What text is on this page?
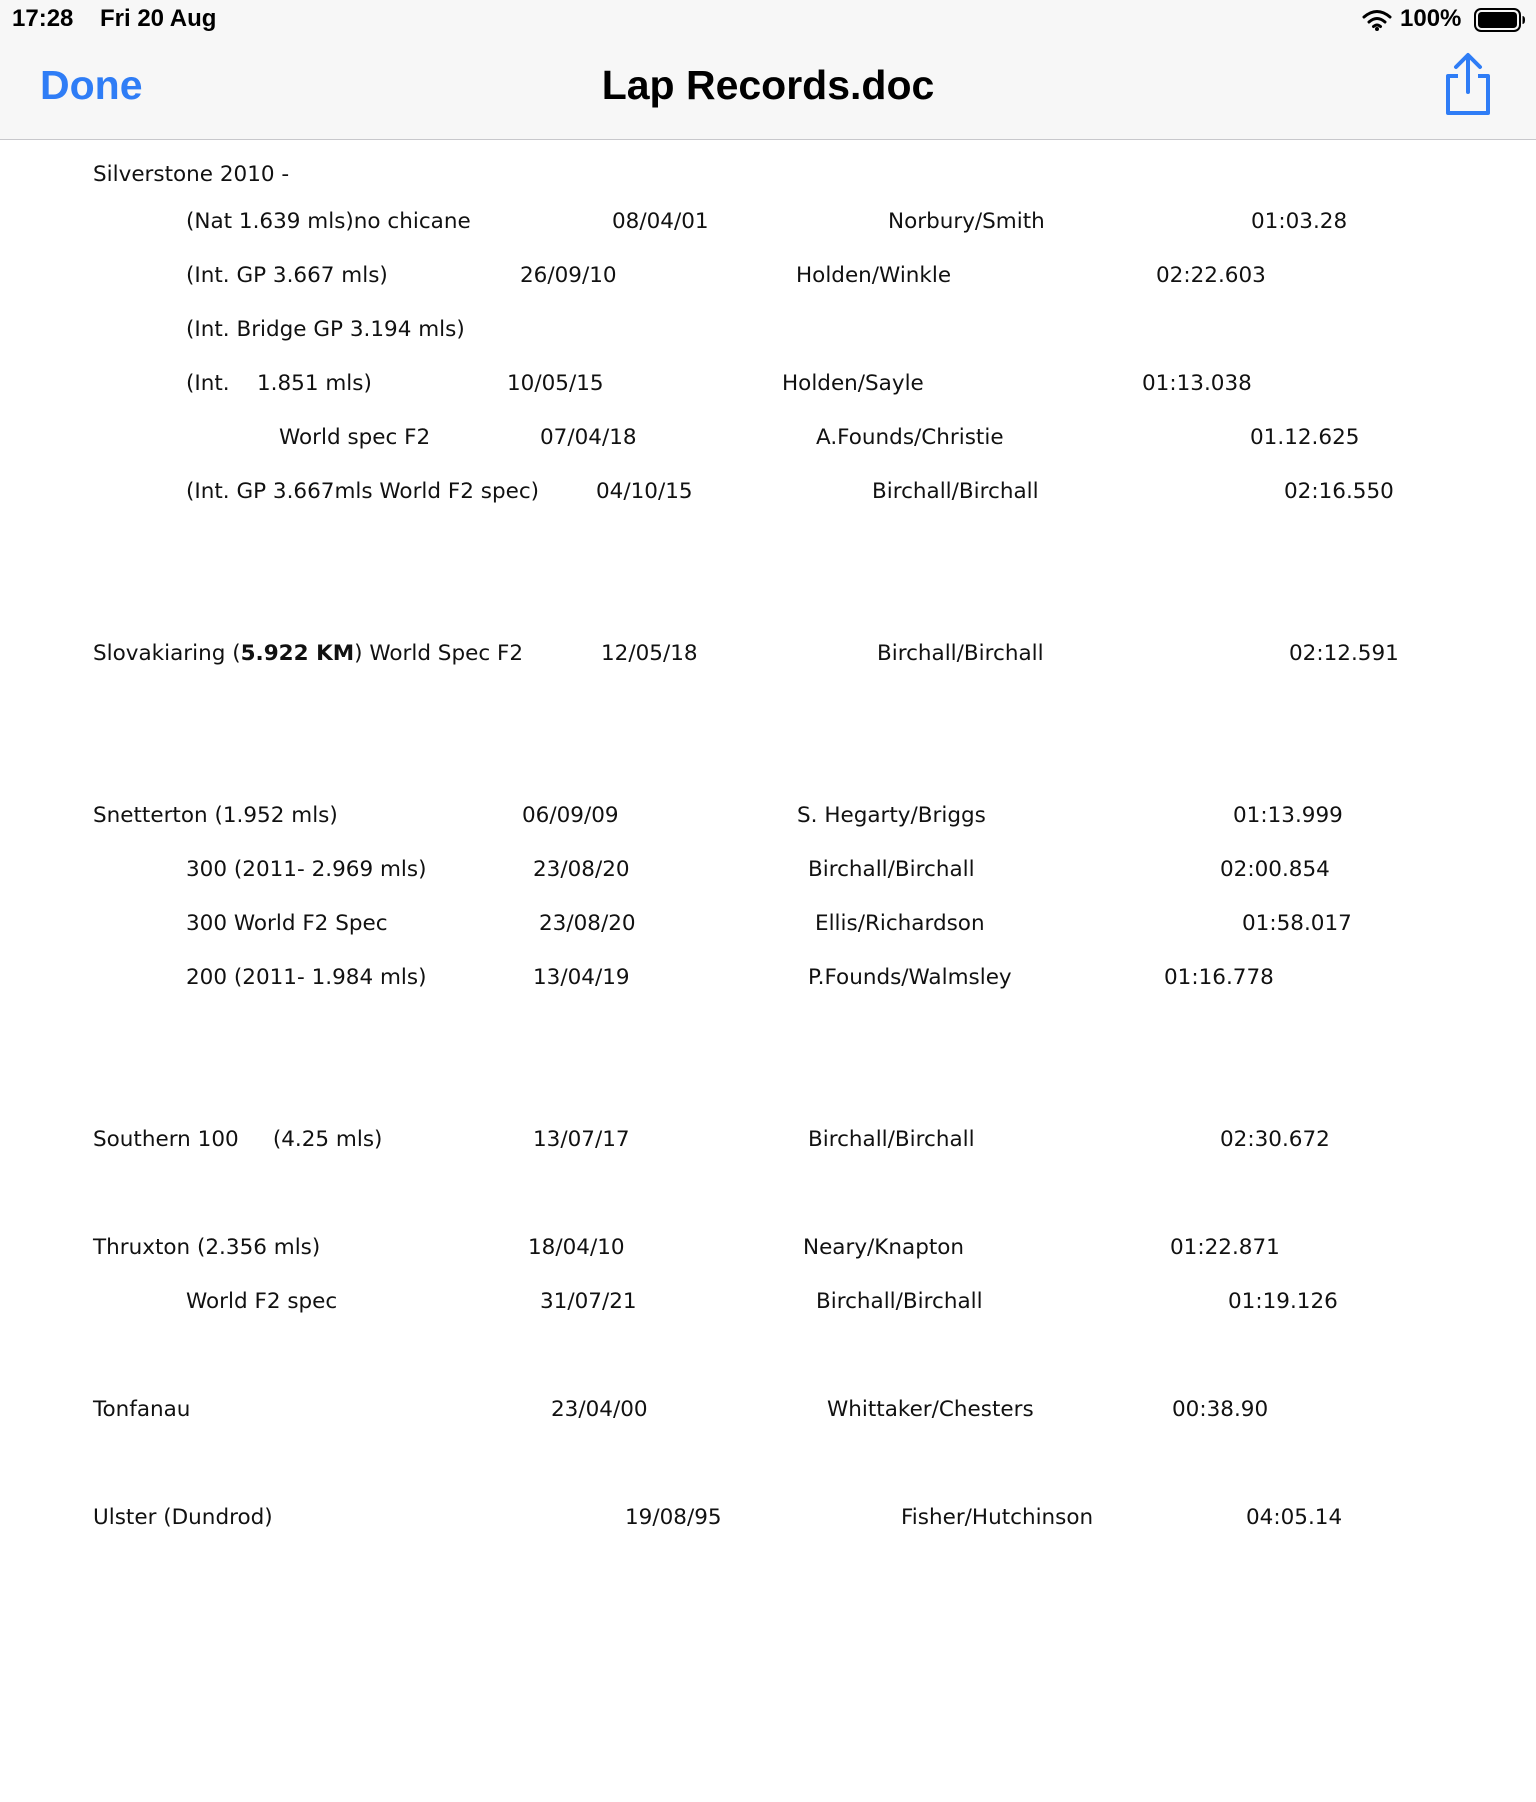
17:28 Fri 20 Aug	100%
Done	Lap Records.doc
Silverstone 2010 -
(Nat 1.639 mls)no chicane	08/04/01	Norbury/Smith	01:03.28
(Int. GP 3.667 mls)	26/09/10	Holden/Winkle	02:22.603
(Int. Bridge GP 3.194 mls)
(Int.    1.851 mls)	10/05/15	Holden/Sayle	01:13.038
World spec F2	07/04/18	A.Founds/Christie	01.12.625
(Int. GP 3.667mls World F2 spec)	04/10/15	Birchall/Birchall	02:16.550
Slovakiaring (5.922 KM) World Spec F2	12/05/18	Birchall/Birchall	02:12.591
Snetterton (1.952 mls)	06/09/09	S. Hegarty/Briggs	01:13.999
300 (2011- 2.969 mls)	23/08/20	Birchall/Birchall	02:00.854
300 World F2 Spec	23/08/20	Ellis/Richardson	01:58.017
200 (2011- 1.984 mls)	13/04/19	P.Founds/Walmsley	01:16.778
Southern 100     (4.25 mls)	13/07/17	Birchall/Birchall	02:30.672
Thruxton (2.356 mls)	18/04/10	Neary/Knapton	01:22.871
World F2 spec	31/07/21	Birchall/Birchall	01:19.126
Tonfanau	23/04/00	Whittaker/Chesters	00:38.90
Ulster (Dundrod)	19/08/95	Fisher/Hutchinson	04:05.14
